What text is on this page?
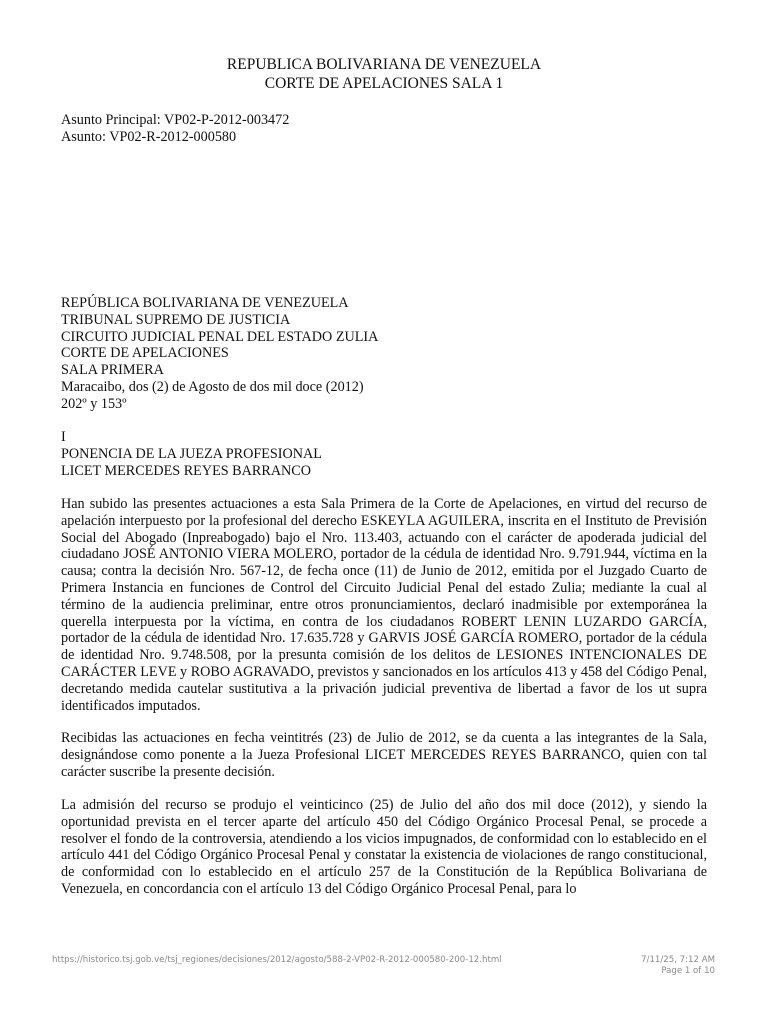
REPUBLICA BOLIVARIANA DE VENEZUELA
CORTE DE APELACIONES SALA 1
Asunto Principal: VP02-P-2012-003472
Asunto: VP02-R-2012-000580
REPÚBLICA BOLIVARIANA DE VENEZUELA
TRIBUNAL SUPREMO DE JUSTICIA
CIRCUITO JUDICIAL PENAL DEL ESTADO ZULIA
CORTE DE APELACIONES
SALA PRIMERA
Maracaibo, dos (2) de Agosto de dos mil doce (2012)
202º y 153º
I
PONENCIA DE LA JUEZA PROFESIONAL
LICET MERCEDES REYES BARRANCO

Han subido las presentes actuaciones a esta Sala Primera de la Corte de Apelaciones, en virtud del recurso de apelación interpuesto por la profesional del derecho ESKEYLA AGUILERA, inscrita en el Instituto de Previsión Social del Abogado (Inpreabogado) bajo el Nro. 113.403, actuando con el carácter de apoderada judicial del ciudadano JOSÉ ANTONIO VIERA MOLERO, portador de la cédula de identidad Nro. 9.791.944, víctima en la causa; contra la decisión Nro. 567-12, de fecha once (11) de Junio de 2012, emitida por el Juzgado Cuarto de Primera Instancia en funciones de Control del Circuito Judicial Penal del estado Zulia; mediante la cual al término de la audiencia preliminar, entre otros pronunciamientos, declaró inadmisible por extemporánea la querella interpuesta por la víctima, en contra de los ciudadanos ROBERT LENIN LUZARDO GARCÍA, portador de la cédula de identidad Nro. 17.635.728 y GARVIS JOSÉ GARCÍA ROMERO, portador de la cédula de identidad Nro. 9.748.508, por la presunta comisión de los delitos de LESIONES INTENCIONALES DE CARÁCTER LEVE y ROBO AGRAVADO, previstos y sancionados en los artículos 413 y 458 del Código Penal, decretando medida cautelar sustitutiva a la privación judicial preventiva de libertad a favor de los ut supra identificados imputados.

Recibidas las actuaciones en fecha veintitrés (23) de Julio de 2012, se da cuenta a las integrantes de la Sala, designándose como ponente a la Jueza Profesional LICET MERCEDES REYES BARRANCO, quien con tal carácter suscribe la presente decisión.

La admisión del recurso se produjo el veinticinco (25) de Julio del año dos mil doce (2012), y siendo la oportunidad prevista en el tercer aparte del artículo 450 del Código Orgánico Procesal Penal, se procede a resolver el fondo de la controversia, atendiendo a los vicios impugnados, de conformidad con lo establecido en el artículo 441 del Código Orgánico Procesal Penal y constatar la existencia de violaciones de rango constitucional, de conformidad con lo establecido en el artículo 257 de la Constitución de la República Bolivariana de Venezuela, en concordancia con el artículo 13 del Código Orgánico Procesal Penal, para lo

https://historico.tsj.gob.ve/tsj_regiones/decisiones/2012/agosto/588-2-VP02-R-2012-000580-200-12.html	7/11/25, 7:12 AM
Page 1 of 10
